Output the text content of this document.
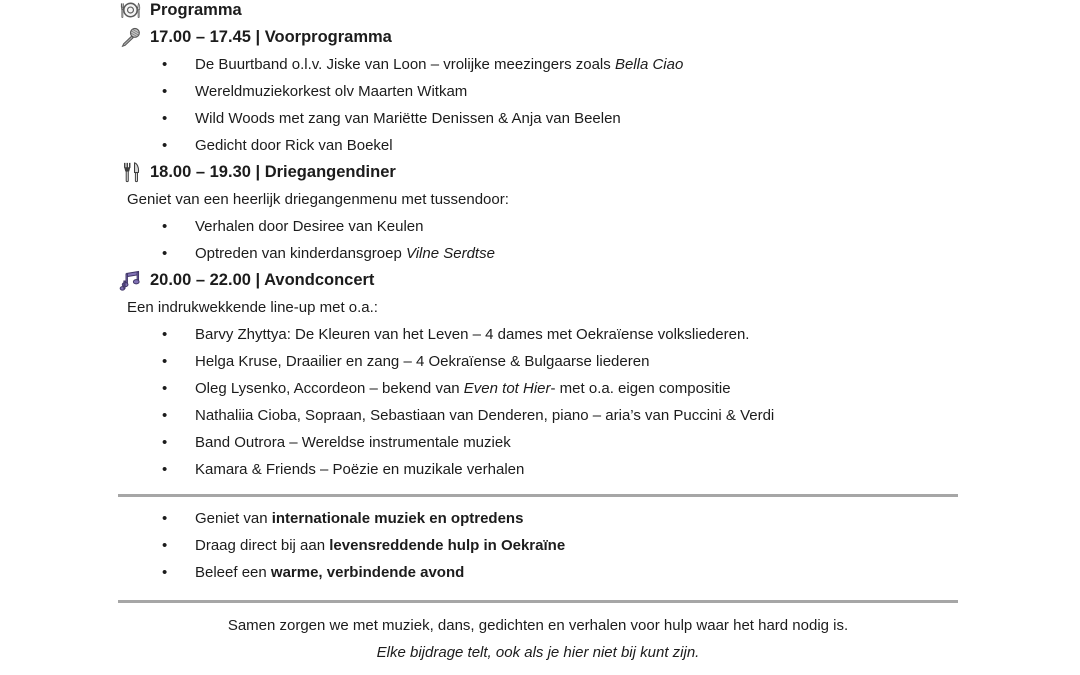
Programma
17.00 – 17.45 | Voorprogramma
• De Buurtband o.l.v. Jiske van Loon – vrolijke meezingers zoals Bella Ciao
• Wereldmuziekorkest olv Maarten Witkam
• Wild Woods met zang van Mariëtte Denissen & Anja van Beelen
• Gedicht door Rick van Boekel
18.00 – 19.30 | Driegangendiner
Geniet van een heerlijk driegangenmenu met tussendoor:
• Verhalen door Desiree van Keulen
• Optreden van kinderdansgroep Vilne Serdtse
20.00 – 22.00 | Avondconcert
Een indrukwekkende line-up met o.a.:
• Barvy Zhyttya: De Kleuren van het Leven – 4 dames met Oekraïense volksliederen.
• Helga Kruse, Draailier en zang – 4 Oekraïense & Bulgaarse liederen
• Oleg Lysenko, Accordeon – bekend van Even tot Hier- met o.a. eigen compositie
• Nathaliia Cioba, Sopraan, Sebastiaan van Denderen, piano – aria’s van Puccini & Verdi
• Band Outrora – Wereldse instrumentale muziek
• Kamara & Friends – Poëzie en muzikale verhalen
• Geniet van internationale muziek en optredens
• Draag direct bij aan levensreddende hulp in Oekraïne
• Beleef een warme, verbindende avond
Samen zorgen we met muziek, dans, gedichten en verhalen voor hulp waar het hard nodig is.
Elke bijdrage telt, ook als je hier niet bij kunt zijn.
